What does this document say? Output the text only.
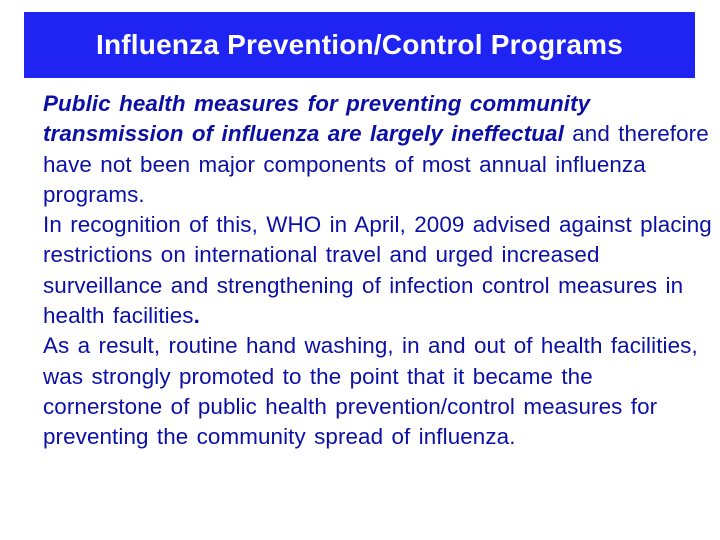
Influenza Prevention/Control Programs

Public health measures for preventing community transmission of influenza are largely ineffectual and therefore have not been major components of most annual influenza programs.

In recognition of this, WHO in April, 2009 advised against placing restrictions on international travel and urged increased surveillance and strengthening of infection control measures in health facilities.

As a result, routine hand washing, in and out of health facilities, was strongly promoted to the point that it became the cornerstone of public health prevention/control measures for preventing the community spread of influenza.
